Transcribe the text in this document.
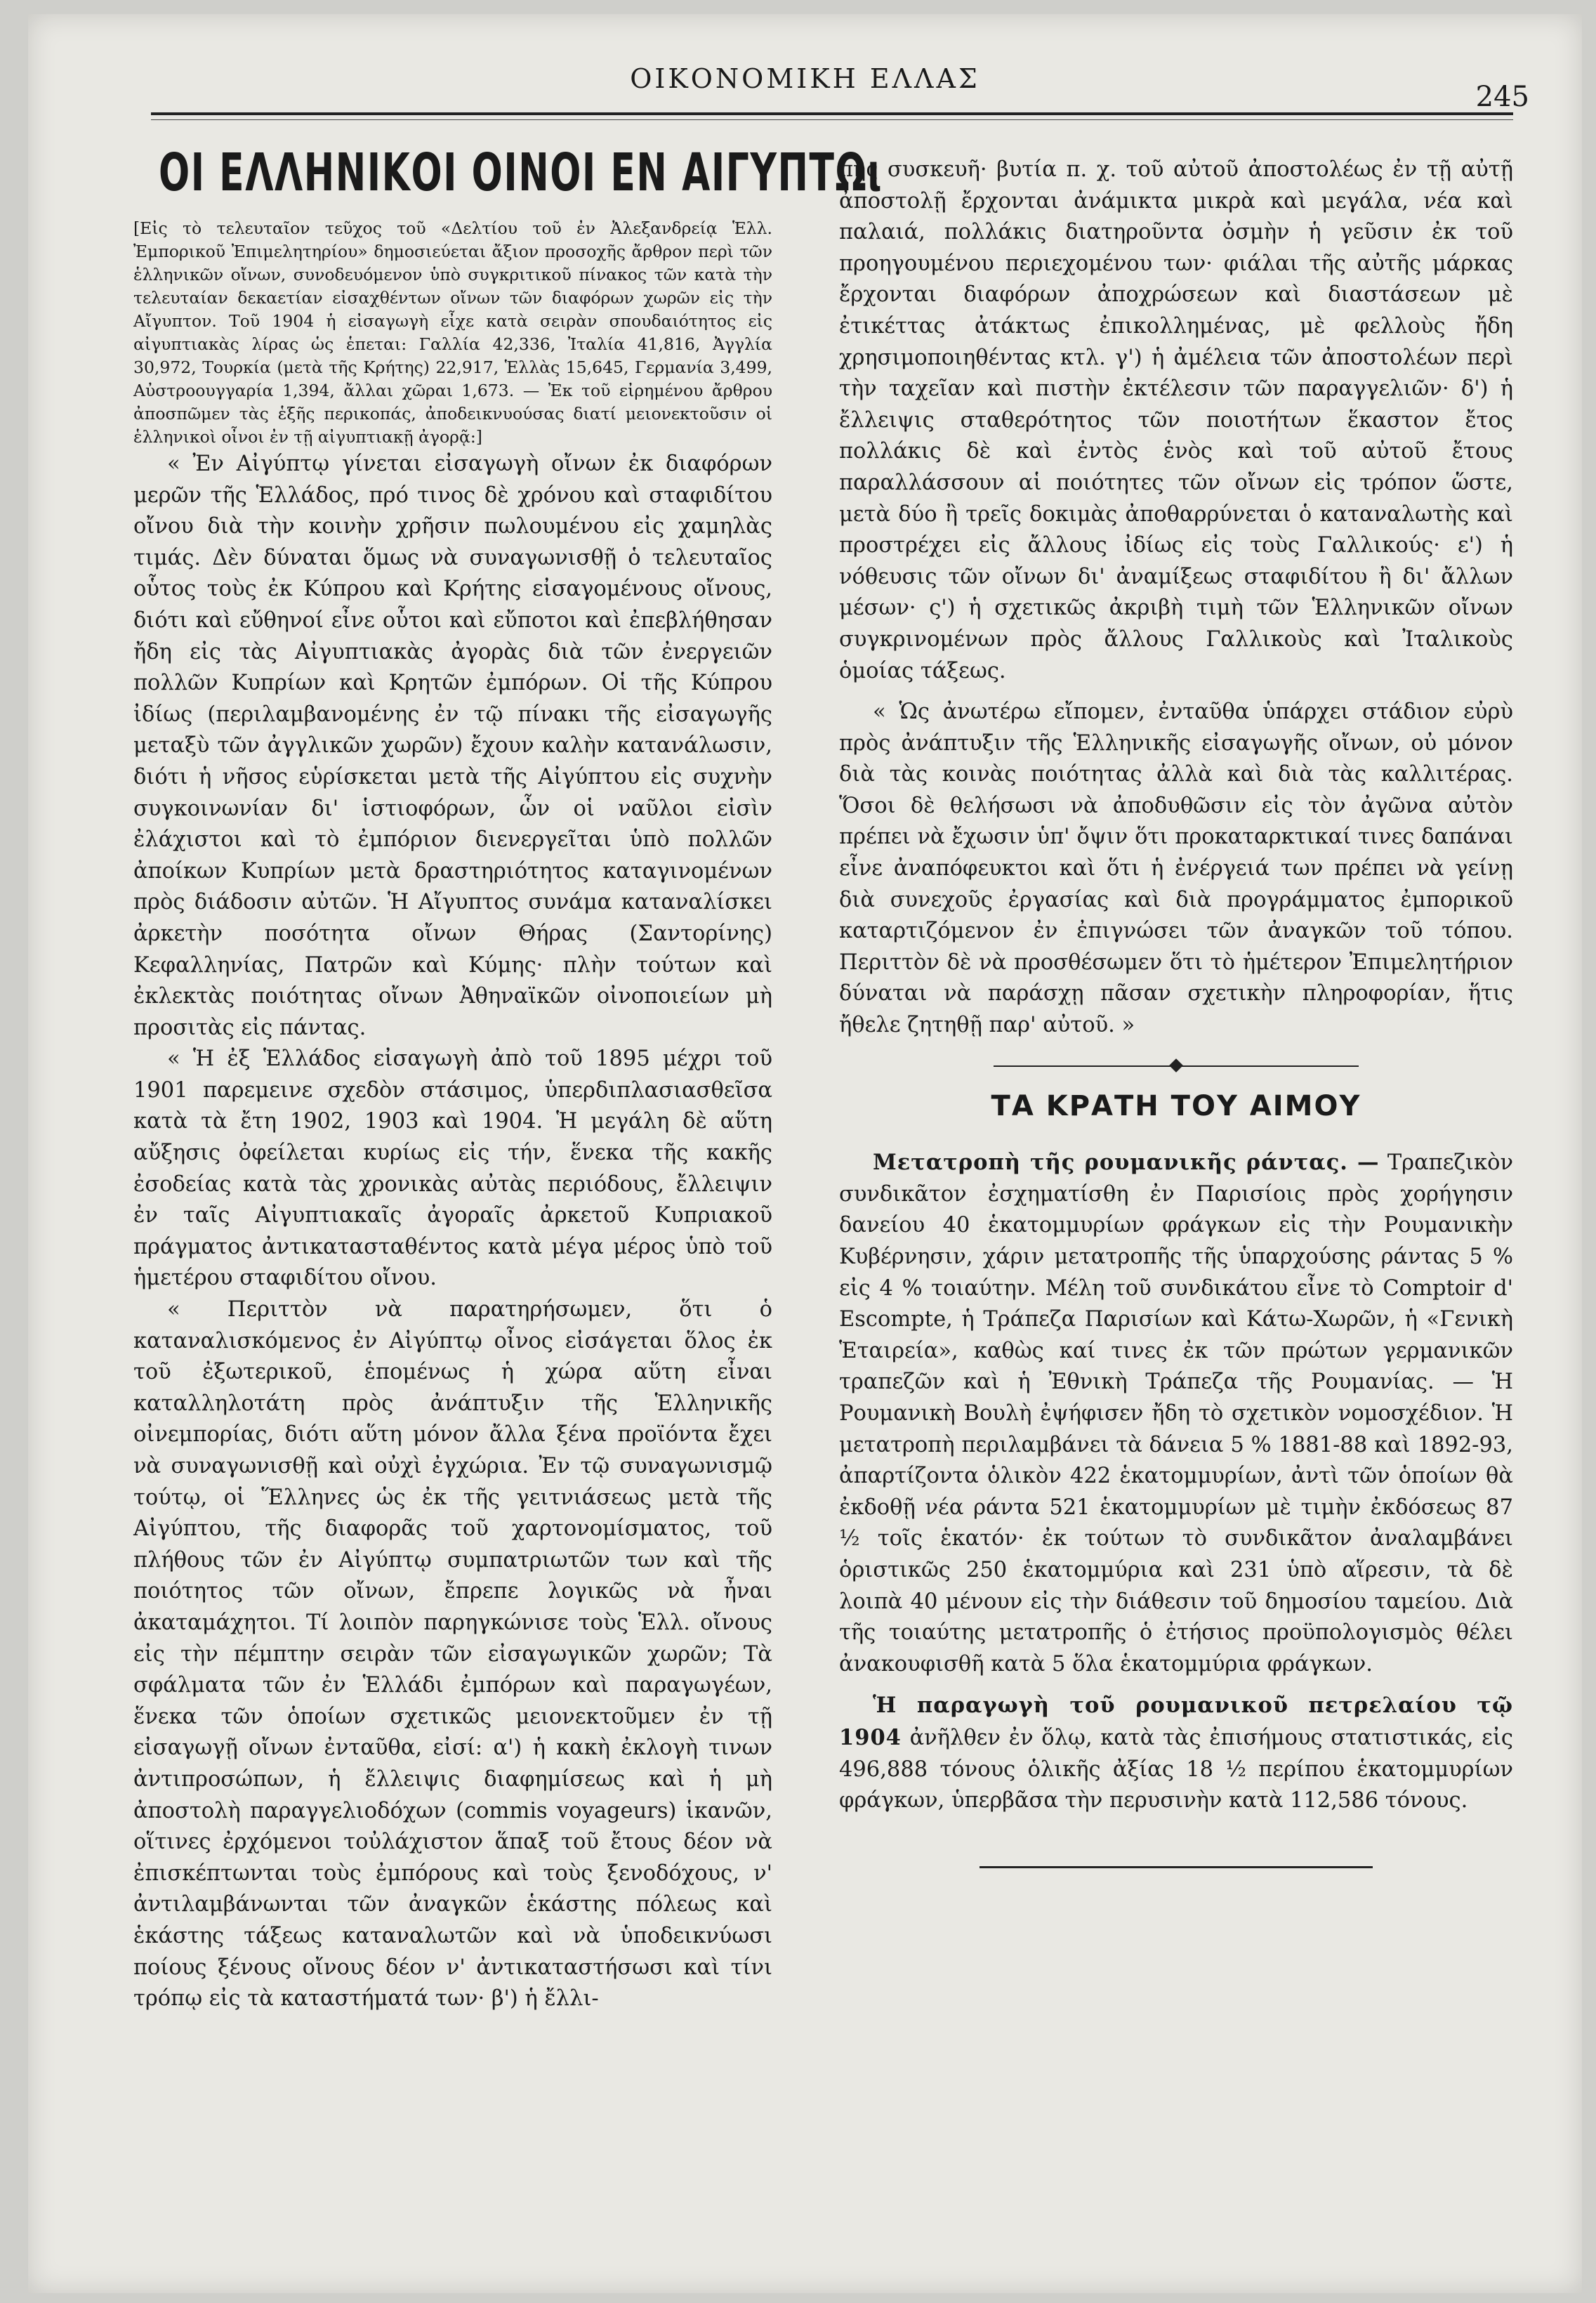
ΟΙΚΟΝΟΜΙΚΗ ΕΛΛΑΣ
245
ΟΙ ΕΛΛΗΝΙΚΟΙ ΟΙΝΟΙ ΕΝ ΑΙΓΥΠΤΩι

[Εἰς τὸ τελευταῖον τεῦχος τοῦ «Δελτίου τοῦ ἐν Ἀλεξανδρείᾳ Ἑλλ. Ἐμπορικοῦ Ἐπιμελητηρίου» δημοσιεύεται ἄξιον προσοχῆς ἄρθρον περὶ τῶν ἑλληνικῶν οἴνων, συνοδευόμενον ὑπὸ συγκριτικοῦ πίνακος τῶν κατὰ τὴν τελευταίαν δεκαετίαν εἰσαχθέντων οἴνων τῶν διαφόρων χωρῶν εἰς τὴν Αἴγυπτον. Τοῦ 1904 ἡ εἰσαγωγὴ εἶχε κατὰ σειρὰν σπουδαιότητος εἰς αἰγυπτιακὰς λίρας ὡς ἑπεται: Γαλλία 42,336, Ἰταλία 41,816, Ἀγγλία 30,972, Τουρκία (μετὰ τῆς Κρήτης) 22,917, Ἑλλὰς 15,645, Γερμανία 3,499, Αὐστροουγγαρία 1,394, ἄλλαι χῶραι 1,673. — Ἐκ τοῦ εἰρημένου ἄρθρου ἀποσπῶμεν τὰς ἑξῆς περικοπάς, ἀποδεικνυούσας διατί μειονεκτοῦσιν οἱ ἑλληνικοὶ οἶνοι ἐν τῇ αἰγυπτιακῇ ἀγορᾷ:]

« Ἐν Αἰγύπτῳ γίνεται εἰσαγωγὴ οἴνων ἐκ διαφόρων μερῶν τῆς Ἑλλάδος, πρό τινος δὲ χρόνου καὶ σταφιδίτου οἴνου διὰ τὴν κοινὴν χρῆσιν πωλουμένου εἰς χαμηλὰς τιμάς. Δὲν δύναται ὅμως νὰ συναγωνισθῇ ὁ τελευταῖος οὗτος τοὺς ἐκ Κύπρου καὶ Κρήτης εἰσαγομένους οἴνους, διότι καὶ εὔθηνοί εἶνε οὗτοι καὶ εὔποτοι καὶ ἐπεβλήθησαν ἤδη εἰς τὰς Αἰγυπτιακὰς ἀγορὰς διὰ τῶν ἐνεργειῶν πολλῶν Κυπρίων καὶ Κρητῶν ἐμπόρων. Οἱ τῆς Κύπρου ἰδίως (περιλαμβανομένης ἐν τῷ πίνακι τῆς εἰσαγωγῆς μεταξὺ τῶν ἀγγλικῶν χωρῶν) ἔχουν καλὴν κατανάλωσιν, διότι ἡ νῆσος εὑρίσκεται μετὰ τῆς Αἰγύπτου εἰς συχνὴν συγκοινωνίαν δι' ἱστιοφόρων, ὧν οἱ ναῦλοι εἰσὶν ἐλάχιστοι καὶ τὸ ἐμπόριον διενεργεῖται ὑπὸ πολλῶν ἀποίκων Κυπρίων μετὰ δραστηριότητος καταγινομένων πρὸς διάδοσιν αὐτῶν. Ἡ Αἴγυπτος συνάμα καταναλίσκει ἀρκετὴν ποσότητα οἴνων Θήρας (Σαντορίνης) Κεφαλληνίας, Πατρῶν καὶ Κύμης· πλὴν τούτων καὶ ἐκλεκτὰς ποιότητας οἴνων Ἀθηναϊκῶν οἰνοποιείων μὴ προσιτὰς εἰς πάντας.

« Ἡ ἐξ Ἑλλάδος εἰσαγωγὴ ἀπὸ τοῦ 1895 μέχρι τοῦ 1901 παρεμεινε σχεδὸν στάσιμος, ὑπερδιπλασιασθεῖσα κατὰ τὰ ἔτη 1902, 1903 καὶ 1904. Ἡ μεγάλη δὲ αὕτη αὔξησις ὀφείλεται κυρίως εἰς τήν, ἕνεκα τῆς κακῆς ἐσοδείας κατὰ τὰς χρονικὰς αὐτὰς περιόδους, ἔλλειψιν ἐν ταῖς Αἰγυπτιακαῖς ἀγοραῖς ἀρκετοῦ Κυπριακοῦ πράγματος ἀντικατασταθέντος κατὰ μέγα μέρος ὑπὸ τοῦ ἡμετέρου σταφιδίτου οἴνου.

« Περιττὸν νὰ παρατηρήσωμεν, ὅτι ὁ καταναλισκόμενος ἐν Αἰγύπτῳ οἶνος εἰσάγεται ὅλος ἐκ τοῦ ἐξωτερικοῦ, ἑπομένως ἡ χώρα αὕτη εἶναι καταλληλοτάτη πρὸς ἀνάπτυξιν τῆς Ἑλληνικῆς οἰνεμπορίας, διότι αὕτη μόνον ἄλλα ξένα προϊόντα ἔχει νὰ συναγωνισθῇ καὶ οὐχὶ ἐγχώρια. Ἐν τῷ συναγωνισμῷ τούτῳ, οἱ Ἕλληνες ὡς ἐκ τῆς γειτνιάσεως μετὰ τῆς Αἰγύπτου, τῆς διαφορᾶς τοῦ χαρτονομίσματος, τοῦ πλήθους τῶν ἐν Αἰγύπτῳ συμπατριωτῶν των καὶ τῆς ποιότητος τῶν οἴνων, ἔπρεπε λογικῶς νὰ ἦναι ἀκαταμάχητοι. Τί λοιπὸν παρηγκώνισε τοὺς Ἑλλ. οἴνους εἰς τὴν πέμπτην σειρὰν τῶν εἰσαγωγικῶν χωρῶν; Τὰ σφάλματα τῶν ἐν Ἑλλάδι ἐμπόρων καὶ παραγωγέων, ἕνεκα τῶν ὁποίων σχετικῶς μειονεκτοῦμεν ἐν τῇ εἰσαγωγῇ οἴνων ἐνταῦθα, εἰσί: α') ἡ κακὴ ἐκλογὴ τινων ἀντιπροσώπων, ἡ ἔλλειψις διαφημίσεως καὶ ἡ μὴ ἀποστολὴ παραγγελιοδόχων (commis voyageurs) ἱκανῶν, οἵτινες ἐρχόμενοι τοὐλάχιστον ἅπαξ τοῦ ἔτους δέον νὰ ἐπισκέπτωνται τοὺς ἐμπόρους καὶ τοὺς ξενοδόχους, ν' ἀντιλαμβάνωνται τῶν ἀναγκῶν ἑκάστης πόλεως καὶ ἑκάστης τάξεως καταναλωτῶν καὶ νὰ ὑποδεικνύωσι ποίους ξένους οἴνους δέον ν' ἀντικαταστήσωσι καὶ τίνι τρόπῳ εἰς τὰ καταστήματά των· β') ἡ ἔλλι-

πὴς συσκευῆ· βυτία π. χ. τοῦ αὐτοῦ ἀποστολέως ἐν τῇ αὐτῇ ἀποστολῇ ἔρχονται ἀνάμικτα μικρὰ καὶ μεγάλα, νέα καὶ παλαιά, πολλάκις διατηροῦντα ὀσμὴν ἡ γεῦσιν ἐκ τοῦ προηγουμένου περιεχομένου των· φιάλαι τῆς αὐτῆς μάρκας ἔρχονται διαφόρων ἀποχρώσεων καὶ διαστάσεων μὲ ἐτικέττας ἀτάκτως ἐπικολλημένας, μὲ φελλοὺς ἤδη χρησιμοποιηθέντας κτλ. γ') ἡ ἀμέλεια τῶν ἀποστολέων περὶ τὴν ταχεῖαν καὶ πιστὴν ἐκτέλεσιν τῶν παραγγελιῶν· δ') ἡ ἔλλειψις σταθερότητος τῶν ποιοτήτων ἕκαστον ἔτος πολλάκις δὲ καὶ ἐντὸς ἑνὸς καὶ τοῦ αὐτοῦ ἔτους παραλλάσσουν αἱ ποιότητες τῶν οἴνων εἰς τρόπον ὥστε, μετὰ δύο ἢ τρεῖς δοκιμὰς ἀποθαρρύνεται ὁ καταναλωτὴς καὶ προστρέχει εἰς ἄλλους ἰδίως εἰς τοὺς Γαλλικούς· ε') ἡ νόθευσις τῶν οἴνων δι' ἀναμίξεως σταφιδίτου ἢ δι' ἄλλων μέσων· ς') ἡ σχετικῶς ἀκριβὴ τιμὴ τῶν Ἑλληνικῶν οἴνων συγκρινομένων πρὸς ἄλλους Γαλλικοὺς καὶ Ἰταλικοὺς ὁμοίας τάξεως.

« Ὡς ἀνωτέρω εἴπομεν, ἐνταῦθα ὑπάρχει στάδιον εὐρὺ πρὸς ἀνάπτυξιν τῆς Ἑλληνικῆς εἰσαγωγῆς οἴνων, οὐ μόνον διὰ τὰς κοινὰς ποιότητας ἀλλὰ καὶ διὰ τὰς καλλιτέρας. Ὅσοι δὲ θελήσωσι νὰ ἀποδυθῶσιν εἰς τὸν ἀγῶνα αὐτὸν πρέπει νὰ ἔχωσιν ὑπ' ὄψιν ὅτι προκαταρκτικαί τινες δαπάναι εἶνε ἀναπόφευκτοι καὶ ὅτι ἡ ἐνέργειά των πρέπει νὰ γείνῃ διὰ συνεχοῦς ἐργασίας καὶ διὰ προγράμματος ἐμπορικοῦ καταρτιζόμενον ἐν ἐπιγνώσει τῶν ἀναγκῶν τοῦ τόπου. Περιττὸν δὲ νὰ προσθέσωμεν ὅτι τὸ ἡμέτερον Ἐπιμελητήριον δύναται νὰ παράσχῃ πᾶσαν σχετικὴν πληροφορίαν, ἥτις ἤθελε ζητηθῇ παρ' αὐτοῦ. »

ΤΑ ΚΡΑΤΗ ΤΟΥ ΑΙΜΟΥ

Μετατροπὴ τῆς ρουμανικῆς ράντας. — Τραπεζικὸν συνδικᾶτον ἐσχηματίσθη ἐν Παρισίοις πρὸς χορήγησιν δανείου 40 ἑκατομμυρίων φράγκων εἰς τὴν Ρουμανικὴν Κυβέρνησιν, χάριν μετατροπῆς τῆς ὑπαρχούσης ράντας 5 % εἰς 4 % τοιαύτην. Μέλη τοῦ συνδικάτου εἶνε τὸ Comptoir d' Escompte, ἡ Τράπεζα Παρισίων καὶ Κάτω-Χωρῶν, ἡ «Γενικὴ Ἑταιρεία», καθὼς καί τινες ἐκ τῶν πρώτων γερμανικῶν τραπεζῶν καὶ ἡ Ἐθνικὴ Τράπεζα τῆς Ρουμανίας. — Ἡ Ρουμανικὴ Βουλὴ ἐψήφισεν ἤδη τὸ σχετικὸν νομοσχέδιον. Ἡ μετατροπὴ περιλαμβάνει τὰ δάνεια 5 % 1881-88 καὶ 1892-93, ἀπαρτίζοντα ὁλικὸν 422 ἑκατομμυρίων, ἀντὶ τῶν ὁποίων θὰ ἐκδοθῇ νέα ράντα 521 ἑκατομμυρίων μὲ τιμὴν ἐκδόσεως 87 ½ τοῖς ἑκατόν· ἐκ τούτων τὸ συνδικᾶτον ἀναλαμβάνει ὁριστικῶς 250 ἑκατομμύρια καὶ 231 ὑπὸ αἵρεσιν, τὰ δὲ λοιπὰ 40 μένουν εἰς τὴν διάθεσιν τοῦ δημοσίου ταμείου. Διὰ τῆς τοιαύτης μετατροπῆς ὁ ἐτήσιος προϋπολογισμὸς θέλει ἀνακουφισθῆ κατὰ 5 ὅλα ἑκατομμύρια φράγκων.

Ἡ παραγωγὴ τοῦ ρουμανικοῦ πετρελαίου τῷ 1904 ἀνῆλθεν ἐν ὅλῳ, κατὰ τὰς ἐπισήμους στατιστικάς, εἰς 496,888 τόνους ὁλικῆς ἀξίας 18 ½ περίπου ἑκατομμυρίων φράγκων, ὑπερβᾶσα τὴν περυσινὴν κατὰ 112,586 τόνους.
